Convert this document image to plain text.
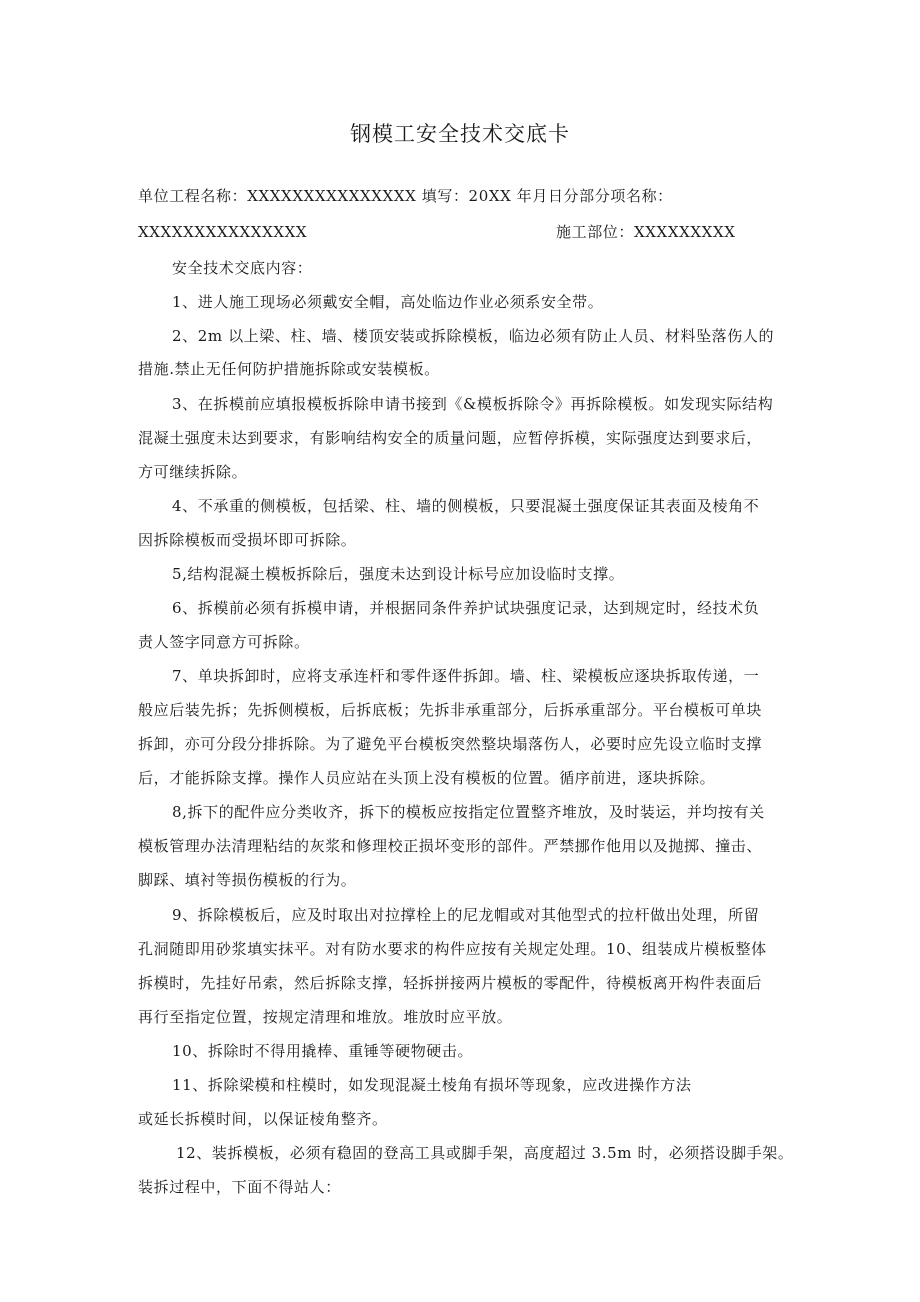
钢模工安全技术交底卡
单位工程名称：XXXXXXXXXXXXXXX 填写：20XX 年月日分部分项名称：
XXXXXXXXXXXXXXX	施工部位：XXXXXXXXX
安全技术交底内容：
1、进人施工现场必须戴安全帽，高处临边作业必须系安全带。
2、2m 以上梁、柱、墙、楼顶安装或拆除模板，临边必须有防止人员、材料坠落伤人的
措施.禁止无任何防护措施拆除或安装模板。
3、在拆模前应填报模板拆除申请书接到《&模板拆除令》再拆除模板。如发现实际结构
混凝土强度未达到要求，有影响结构安全的质量问题，应暂停拆模，实际强度达到要求后，
方可继续拆除。
4、不承重的侧模板，包括梁、柱、墙的侧模板，只要混凝土强度保证其表面及棱角不
因拆除模板而受损坏即可拆除。
5,结构混凝土模板拆除后，强度未达到设计标号应加设临时支撑。
6、拆模前必须有拆模申请，并根据同条件养护试块强度记录，达到规定时，经技术负
责人签字同意方可拆除。
7、单块拆卸时，应将支承连杆和零件逐件拆卸。墙、柱、梁模板应逐块拆取传递，一
般应后装先拆；先拆侧模板，后拆底板；先拆非承重部分，后拆承重部分。平台模板可单块
拆卸，亦可分段分排拆除。为了避免平台模板突然整块塌落伤人，必要时应先设立临时支撑
后，才能拆除支撑。操作人员应站在头顶上没有模板的位置。循序前进，逐块拆除。
8,拆下的配件应分类收齐，拆下的模板应按指定位置整齐堆放，及时装运，并均按有关
模板管理办法清理粘结的灰浆和修理校正损坏变形的部件。严禁挪作他用以及抛掷、撞击、
脚踩、填衬等损伤模板的行为。
9、拆除模板后，应及时取出对拉撑栓上的尼龙帽或对其他型式的拉杆做出处理，所留
孔洞随即用砂浆填实抹平。对有防水要求的构件应按有关规定处理。10、组装成片模板整体
拆模时，先挂好吊索，然后拆除支撑，轻拆拼接两片模板的零配件，待模板离开构件表面后
再行至指定位置，按规定清理和堆放。堆放时应平放。
10、拆除时不得用撬棒、重锤等硬物硬击。
11、拆除梁模和柱模时，如发现混凝土棱角有损坏等现象，应改进操作方法
或延长拆模时间，以保证棱角整齐。
12、装拆模板，必须有稳固的登高工具或脚手架，高度超过 3.5m 时，必须搭设脚手架。
装拆过程中，下面不得站人：
